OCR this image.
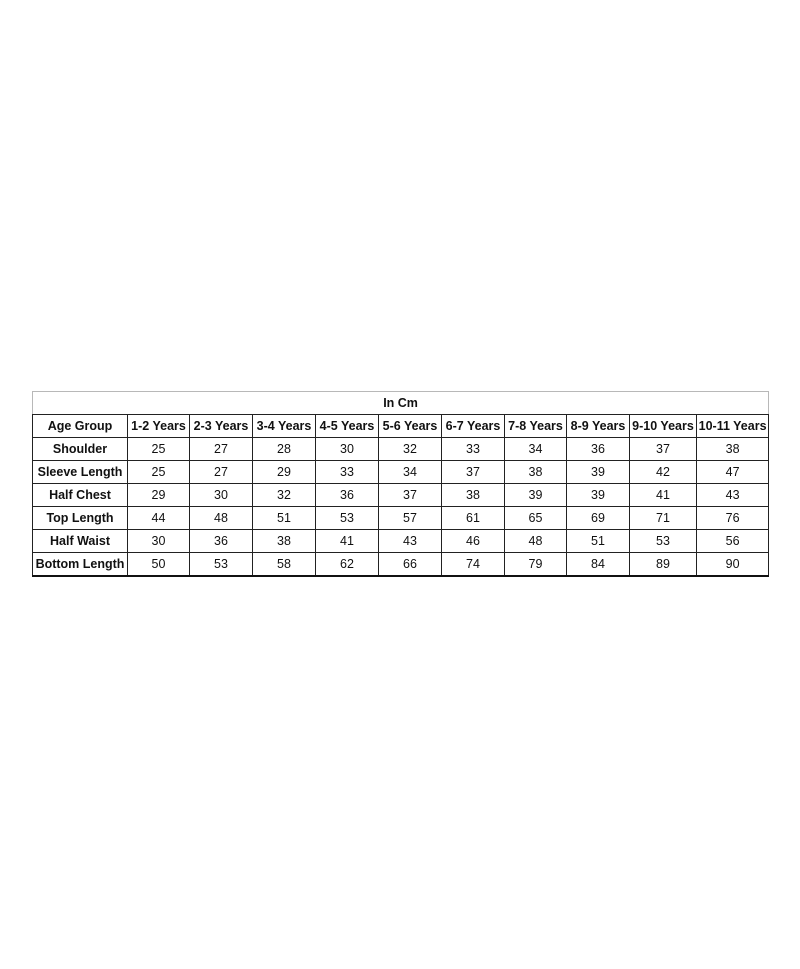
In Cm										
Age Group	1-2 Years	2-3 Years	3-4 Years	4-5 Years	5-6 Years	6-7 Years	7-8 Years	8-9 Years	9-10 Years	10-11 Years
Shoulder	25	27	28	30	32	33	34	36	37	38
Sleeve Length	25	27	29	33	34	37	38	39	42	47
Half Chest	29	30	32	36	37	38	39	39	41	43
Top Length	44	48	51	53	57	61	65	69	71	76
Half Waist	30	36	38	41	43	46	48	51	53	56
Bottom Length	50	53	58	62	66	74	79	84	89	90
